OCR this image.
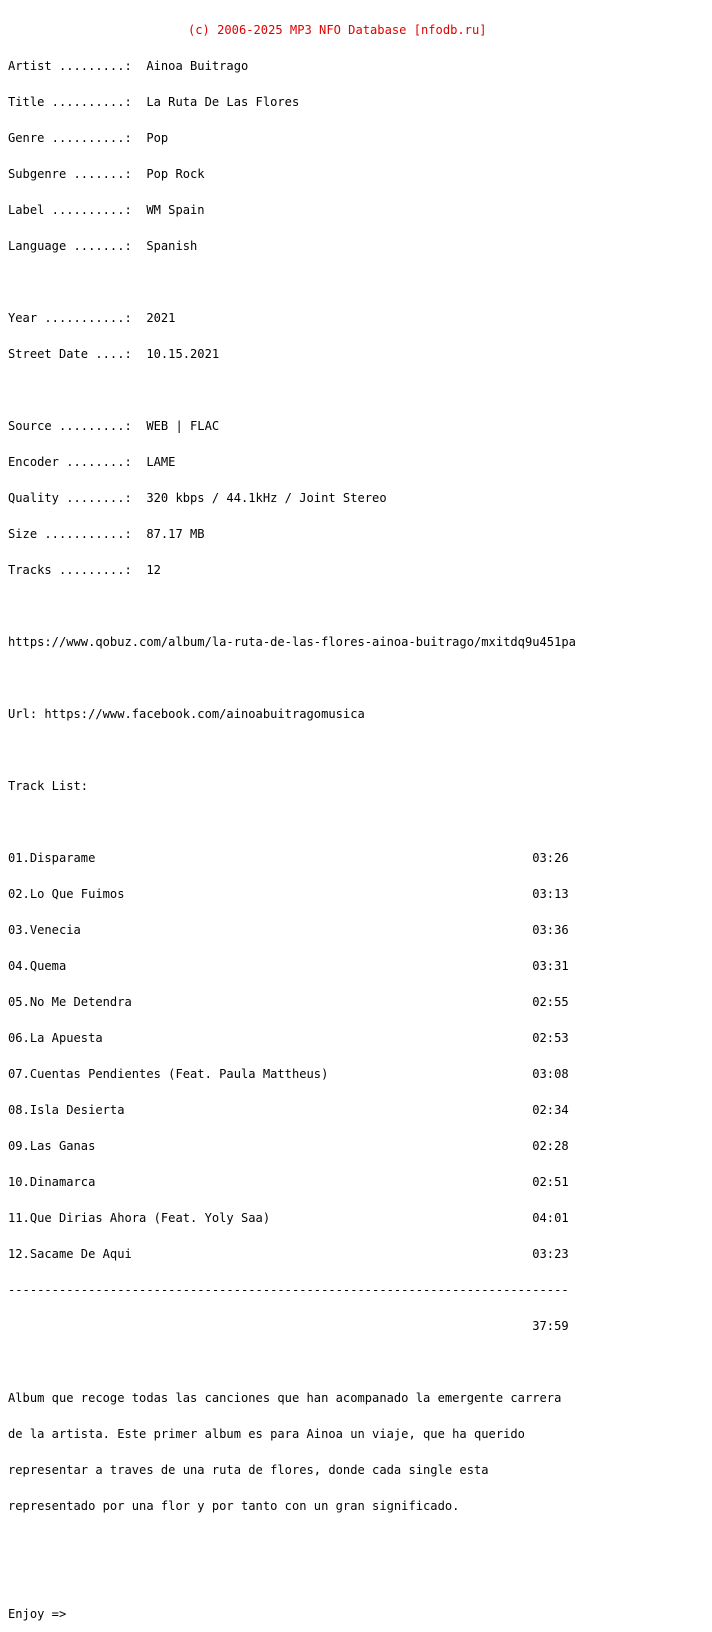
(c) 2006-2025 MP3 NFO Database [nfodb.ru]

Artist .........:  Ainoa Buitrago

Title ..........:  La Ruta De Las Flores

Genre ..........:  Pop

Subgenre .......:  Pop Rock

Label ..........:  WM Spain

Language .......:  Spanish

Year ...........:  2021

Street Date ....:  10.15.2021

Source .........:  WEB | FLAC

Encoder ........:  LAME

Quality ........:  320 kbps / 44.1kHz / Joint Stereo

Size ...........:  87.17 MB

Tracks .........:  12

https://www.qobuz.com/album/la-ruta-de-las-flores-ainoa-buitrago/mxitdq9u451pa

Url: https://www.facebook.com/ainoabuitragomusica

Track List:

01.Disparame                                                            03:26

02.Lo Que Fuimos                                                        03:13

03.Venecia                                                              03:36

04.Quema                                                                03:31

05.No Me Detendra                                                       02:55

06.La Apuesta                                                           02:53

07.Cuentas Pendientes (Feat. Paula Mattheus)                            03:08

08.Isla Desierta                                                        02:34

09.Las Ganas                                                            02:28

10.Dinamarca                                                            02:51

11.Que Dirias Ahora (Feat. Yoly Saa)                                    04:01

12.Sacame De Aqui                                                       03:23

-----------------------------------------------------------------------------

37:59

Album que recoge todas las canciones que han acompanado la emergente carrera

de la artista. Este primer album es para Ainoa un viaje, que ha querido

representar a traves de una ruta de flores, donde cada single esta

representado por una flor y por tanto con un gran significado.

Enjoy =>
